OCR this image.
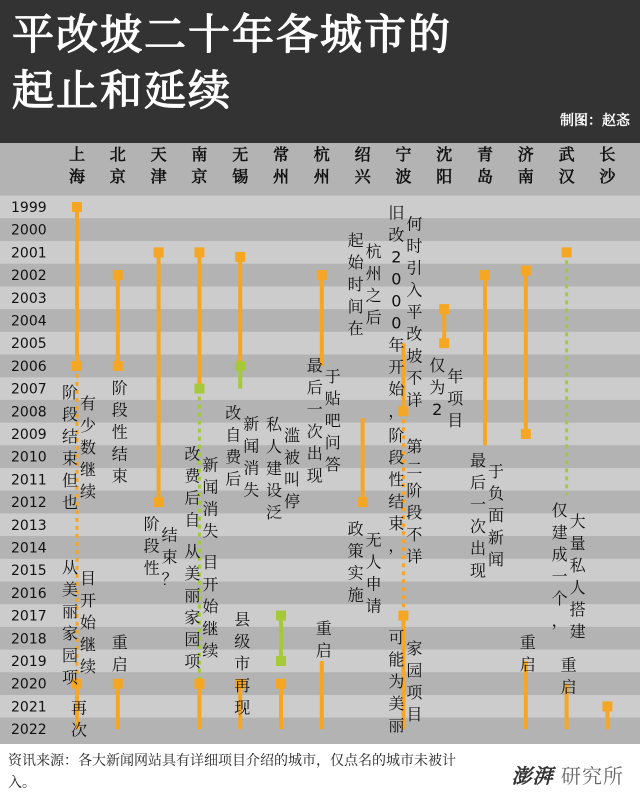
平改坡二十年各城市的
起止和延续
制图：赵忞
1999
2000
2001
2002
2003
2004
2005
2006
2007
2008
2009
2010
2011
2012
2013
2014
2015
2016
2017
2018
2019
2020
2021
2022
上
海
阶
段
结
束
但
也
有
少
数
继
续
从
美
丽
家
园
项
目
开
始
继
续
再
次
北
京
阶
段
性
结
束
重
启
天
津
阶
段
性
结
束
？
南
京
改
费
后
自
新
闻
消
失
从
美
丽
家
园
项
目
开
始
继
续
无
锡
改
自
费
后
新
闻
消
失
县
级
市
再
现
常
州
私
人
建
设
泛
滥
被
叫
停
杭
州
最
后
一
次
出
现
于
贴
吧
问
答
重
启
绍
兴
起
始
时
间
在
杭
州
之
后
政
策
实
施
无
人
申
请
宁
波
旧
改
2
0
0
0
年
开
始
，
何
时
引
入
平
改
坡
不
详
阶
段
性
结
束
，
第
二
阶
段
不
详
可
能
为
美
丽
家
园
项
目
沈
阳
仅
为
2
年
项
目
青
岛
最
后
一
次
出
现
于
负
面
新
闻
济
南
重
启
武
汉
仅
建
成
一
个
，
大
量
私
人
搭
建
重
启
长
沙
资讯来源：各大新闻网站具有详细项目介绍的城市，仅点名的城市未被计入。	澎湃 研究所
